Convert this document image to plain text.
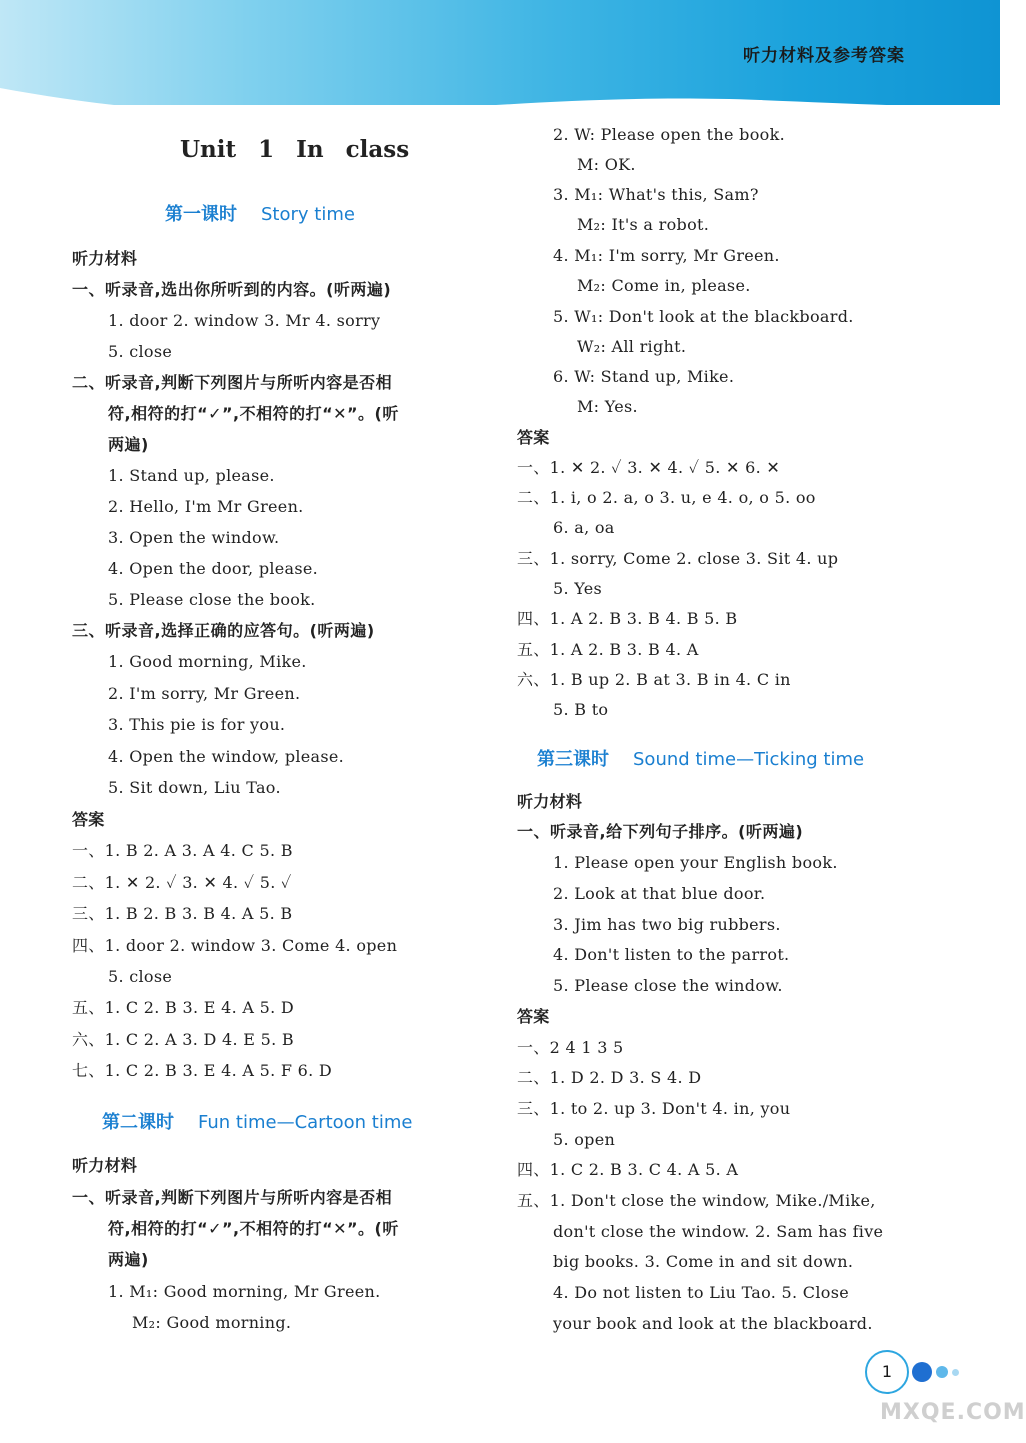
听力材料及参考答案
Unit 1 In class
第一课时 Story time
听力材料
一、听录音,选出你所听到的内容。(听两遍)
1. door 2. window 3. Mr 4. sorry
5. close
二、听录音,判断下列图片与所听内容是否相
符,相符的打“✓”,不相符的打“✕”。(听
两遍)
1. Stand up, please.
2. Hello, I'm Mr Green.
3. Open the window.
4. Open the door, please.
5. Please close the book.
三、听录音,选择正确的应答句。(听两遍)
1. Good morning, Mike.
2. I'm sorry, Mr Green.
3. This pie is for you.
4. Open the window, please.
5. Sit down, Liu Tao.
答案
一、1. B 2. A 3. A 4. C 5. B
二、1. ✕ 2. ✓ 3. ✕ 4. ✓ 5. ✓
三、1. B 2. B 3. B 4. A 5. B
四、1. door 2. window 3. Come 4. open
5. close
五、1. C 2. B 3. E 4. A 5. D
六、1. C 2. A 3. D 4. E 5. B
七、1. C 2. B 3. E 4. A 5. F 6. D
第二课时 Fun time—Cartoon time
听力材料
一、听录音,判断下列图片与所听内容是否相
符,相符的打“✓”,不相符的打“✕”。(听
两遍)
1. M₁: Good morning, Mr Green.
M₂: Good morning.
2. W: Please open the book.
M: OK.
3. M₁: What's this, Sam?
M₂: It's a robot.
4. M₁: I'm sorry, Mr Green.
M₂: Come in, please.
5. W₁: Don't look at the blackboard.
W₂: All right.
6. W: Stand up, Mike.
M: Yes.
答案
一、1. ✕ 2. ✓ 3. ✕ 4. ✓ 5. ✕ 6. ✕
二、1. i, o 2. a, o 3. u, e 4. o, o 5. oo
6. a, oa
三、1. sorry, Come 2. close 3. Sit 4. up
5. Yes
四、1. A 2. B 3. B 4. B 5. B
五、1. A 2. B 3. B 4. A
六、1. B up 2. B at 3. B in 4. C in
5. B to
第三课时 Sound time—Ticking time
听力材料
一、听录音,给下列句子排序。(听两遍)
1. Please open your English book.
2. Look at that blue door.
3. Jim has two big rubbers.
4. Don't listen to the parrot.
5. Please close the window.
答案
一、2 4 1 3 5
二、1. D 2. D 3. S 4. D
三、1. to 2. up 3. Don't 4. in, you
5. open
四、1. C 2. B 3. C 4. A 5. A
五、1. Don't close the window, Mike./Mike,
don't close the window. 2. Sam has five
big books. 3. Come in and sit down.
4. Do not listen to Liu Tao. 5. Close
your book and look at the blackboard.
1
MXQE.COM
